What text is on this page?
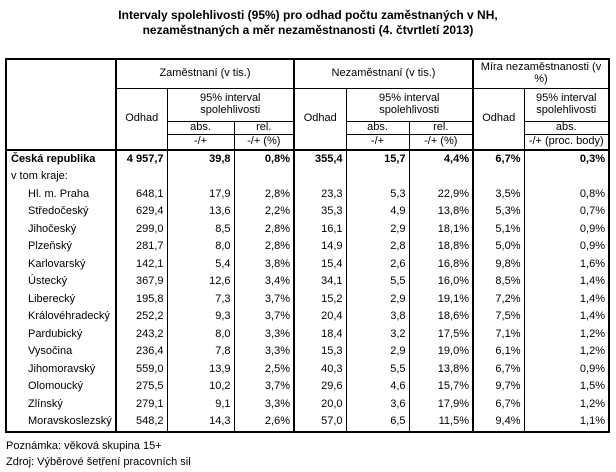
Intervaly spolehlivosti (95%) pro odhad počtu zaměstnaných v NH,
nezaměstnaných a měr nezaměstnanosti (4. čtvrtletí 2013)
	Zaměstnaní (v tis.)			Nezaměstnaní (v tis.)			Míra nezaměstnanosti (v %)	
	Odhad	95% interval spolehlivosti		Odhad	95% interval spolehlivosti		Odhad	95% interval spolehlivosti
		abs.	rel.		abs.	rel.		abs.
		-/+	-/+ (%)		-/+	-/+ (%)		-/+ (proc. body)
Česká republika	4 957,7	39,8	0,8%	355,4	15,7	4,4%	6,7%	0,3%
v tom kraje:								
Hl. m. Praha	648,1	17,9	2,8%	23,3	5,3	22,9%	3,5%	0,8%
Středočeský	629,4	13,6	2,2%	35,3	4,9	13,8%	5,3%	0,7%
Jihočeský	299,0	8,5	2,8%	16,1	2,9	18,1%	5,1%	0,9%
Plzeňský	281,7	8,0	2,8%	14,9	2,8	18,8%	5,0%	0,9%
Karlovarský	142,1	5,4	3,8%	15,4	2,6	16,8%	9,8%	1,6%
Ústecký	367,9	12,6	3,4%	34,1	5,5	16,0%	8,5%	1,4%
Liberecký	195,8	7,3	3,7%	15,2	2,9	19,1%	7,2%	1,4%
Královéhradecký	252,2	9,3	3,7%	20,4	3,8	18,6%	7,5%	1,4%
Pardubický	243,2	8,0	3,3%	18,4	3,2	17,5%	7,1%	1,2%
Vysočina	236,4	7,8	3,3%	15,3	2,9	19,0%	6,1%	1,2%
Jihomoravský	559,0	13,9	2,5%	40,3	5,5	13,8%	6,7%	0,9%
Olomoucký	275,5	10,2	3,7%	29,6	4,6	15,7%	9,7%	1,5%
Zlínský	279,1	9,1	3,3%	20,0	3,6	17,9%	6,7%	1,2%
Moravskoslezský	548,2	14,3	2,6%	57,0	6,5	11,5%	9,4%	1,1%
Poznámka: věková skupina 15+
Zdroj: Výběrové šetření pracovních sil
